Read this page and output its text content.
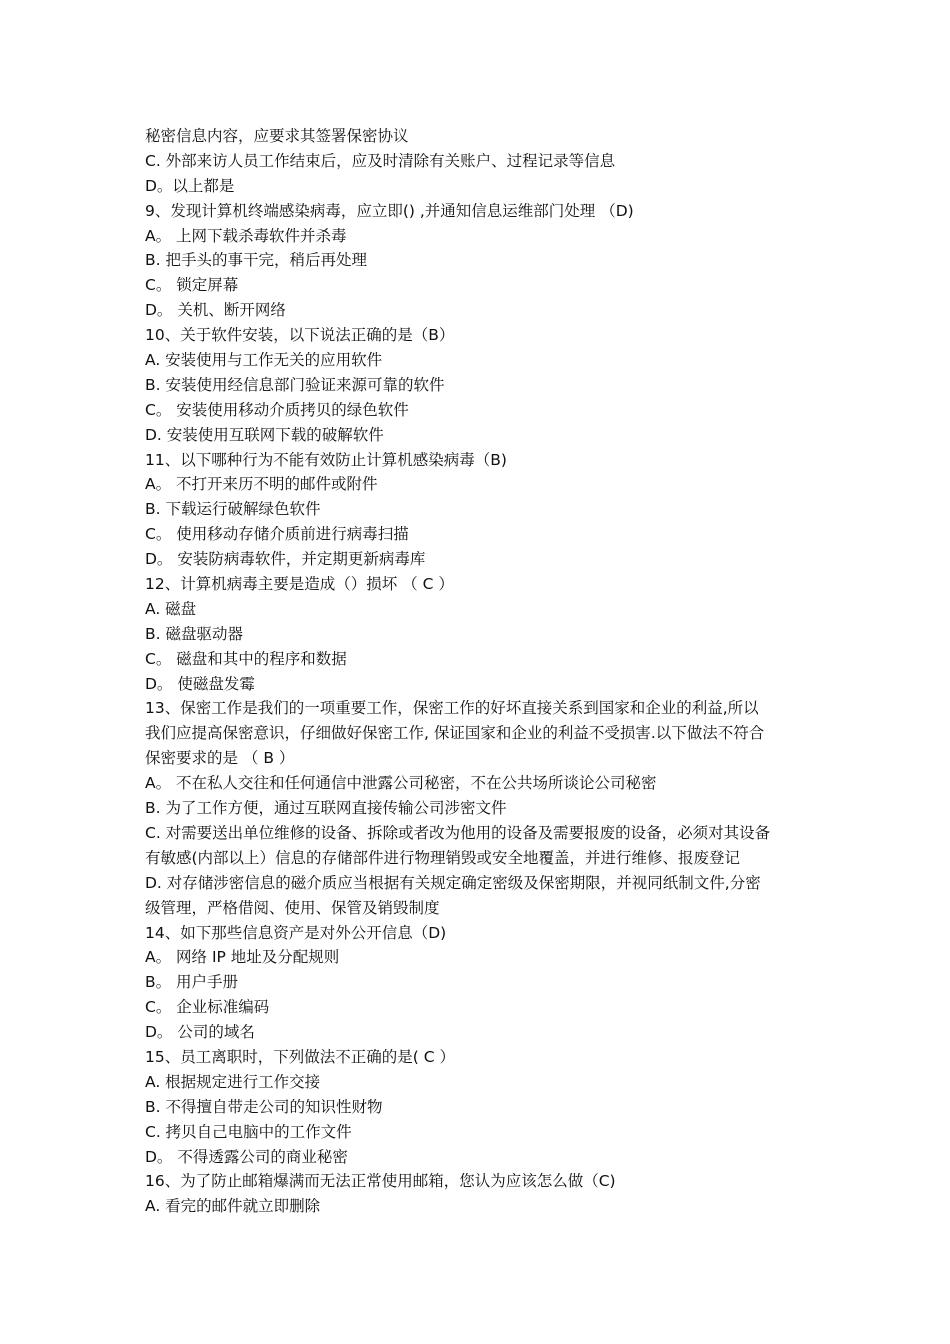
秘密信息内容，应要求其签署保密协议
C. 外部来访人员工作结束后，应及时清除有关账户、过程记录等信息
D。以上都是
9、发现计算机终端感染病毒，应立即() ,并通知信息运维部门处理 （D)
A。 上网下载杀毒软件并杀毒
B. 把手头的事干完，稍后再处理
C。 锁定屏幕
D。 关机、断开网络
10、关于软件安装，以下说法正确的是（B）
A. 安装使用与工作无关的应用软件
B. 安装使用经信息部门验证来源可靠的软件
C。 安装使用移动介质拷贝的绿色软件
D. 安装使用互联网下载的破解软件
11、以下哪种行为不能有效防止计算机感染病毒（B)
A。 不打开来历不明的邮件或附件
B. 下载运行破解绿色软件
C。 使用移动存储介质前进行病毒扫描
D。 安装防病毒软件，并定期更新病毒库
12、计算机病毒主要是造成（）损坏 （ C ）
A. 磁盘
B. 磁盘驱动器
C。 磁盘和其中的程序和数据
D。 使磁盘发霉
13、保密工作是我们的一项重要工作，保密工作的好坏直接关系到国家和企业的利益,所以
我们应提高保密意识，仔细做好保密工作, 保证国家和企业的利益不受损害.以下做法不符合
保密要求的是 （ B ）
A。 不在私人交往和任何通信中泄露公司秘密，不在公共场所谈论公司秘密
B. 为了工作方便，通过互联网直接传输公司涉密文件
C. 对需要送出单位维修的设备、拆除或者改为他用的设备及需要报废的设备，必须对其设备
有敏感(内部以上）信息的存储部件进行物理销毁或安全地覆盖，并进行维修、报废登记
D. 对存储涉密信息的磁介质应当根据有关规定确定密级及保密期限，并视同纸制文件,分密
级管理，严格借阅、使用、保管及销毁制度
14、如下那些信息资产是对外公开信息（D)
A。 网络 IP 地址及分配规则
B。 用户手册
C。 企业标准编码
D。 公司的域名
15、员工离职时，下列做法不正确的是( C ）
A. 根据规定进行工作交接
B. 不得擅自带走公司的知识性财物
C. 拷贝自己电脑中的工作文件
D。 不得透露公司的商业秘密
16、为了防止邮箱爆满而无法正常使用邮箱，您认为应该怎么做（C)
A. 看完的邮件就立即删除
